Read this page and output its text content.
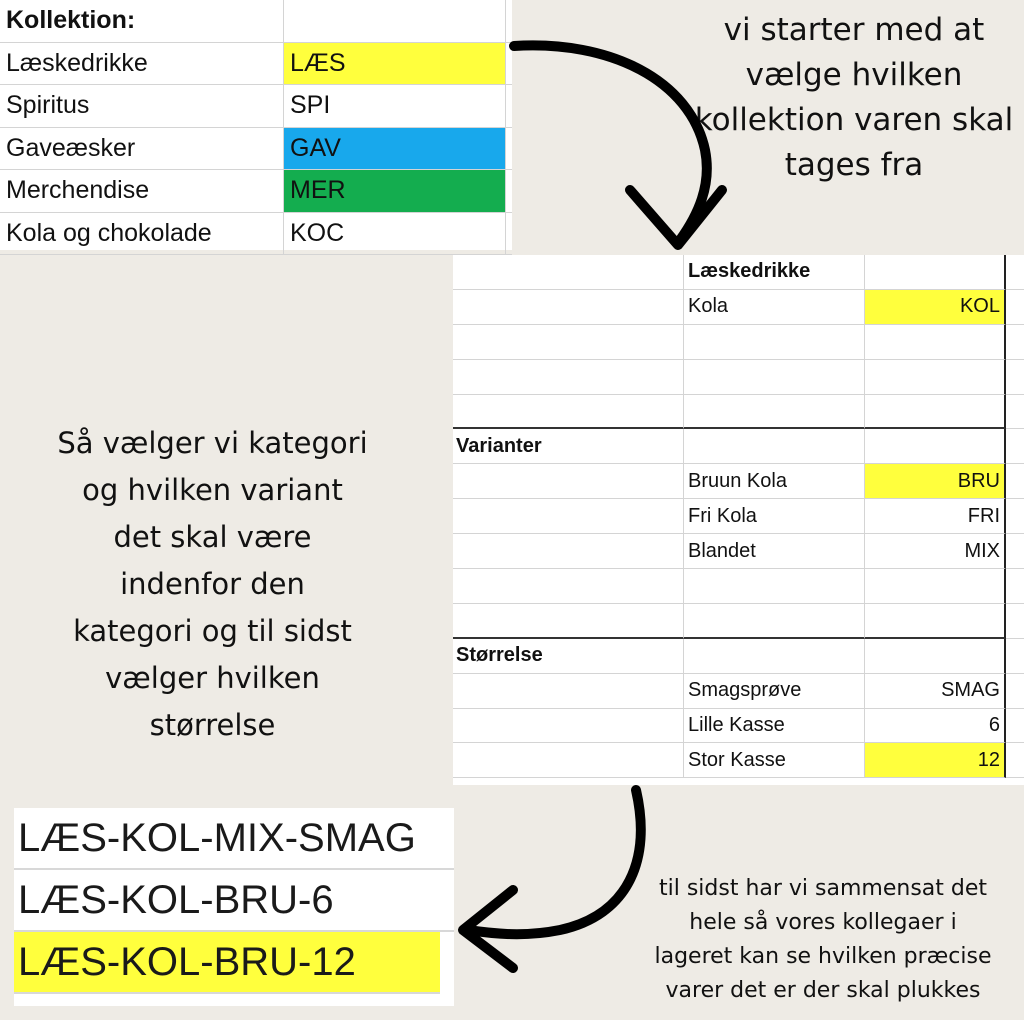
Kollektion:
Læskedrikke	LÆS
Spiritus	SPI
Gaveæsker	GAV
Merchendise	MER
Kola og chokolade	KOC
Læskedrikke
Kola	KOL
Varianter
Bruun Kola	BRU
Fri Kola	FRI
Blandet	MIX
Størrelse
Smagsprøve	SMAG
Lille Kasse	6
Stor Kasse	12
LÆS-KOL-MIX-SMAG
LÆS-KOL-BRU-6
LÆS-KOL-BRU-12
vi starter med at
vælge hvilken
kollektion varen skal
tages fra
Så vælger vi kategori
og hvilken variant
det skal være
indenfor den
kategori og til sidst
vælger hvilken
størrelse
til sidst har vi sammensat det
hele så vores kollegaer i
lageret kan se hvilken præcise
varer det er der skal plukkes
